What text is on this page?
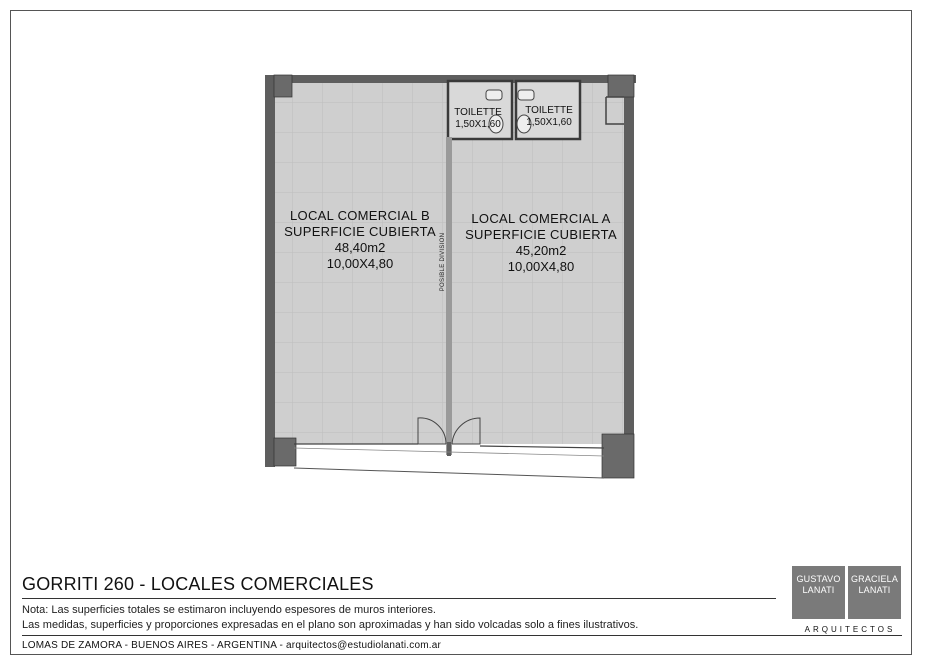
LOCAL COMERCIAL B
SUPERFICIE CUBIERTA
48,40m2
10,00X4,80
LOCAL COMERCIAL A
SUPERFICIE CUBIERTA
45,20m2
10,00X4,80
TOILETTE
1,50X1,60
TOILETTE
1,50X1,60
POSIBLE DIVISION
GORRITI 260 - LOCALES COMERCIALES
Nota: Las superficies totales se estimaron incluyendo espesores de muros interiores.
Las medidas, superficies y proporciones expresadas en el plano son aproximadas y han sido volcadas solo a fines ilustrativos.
LOMAS DE ZAMORA - BUENOS AIRES - ARGENTINA - arquitectos@estudiolanati.com.ar
GUSTAVO
LANATI
GRACIELA
LANATI
ARQUITECTOS
